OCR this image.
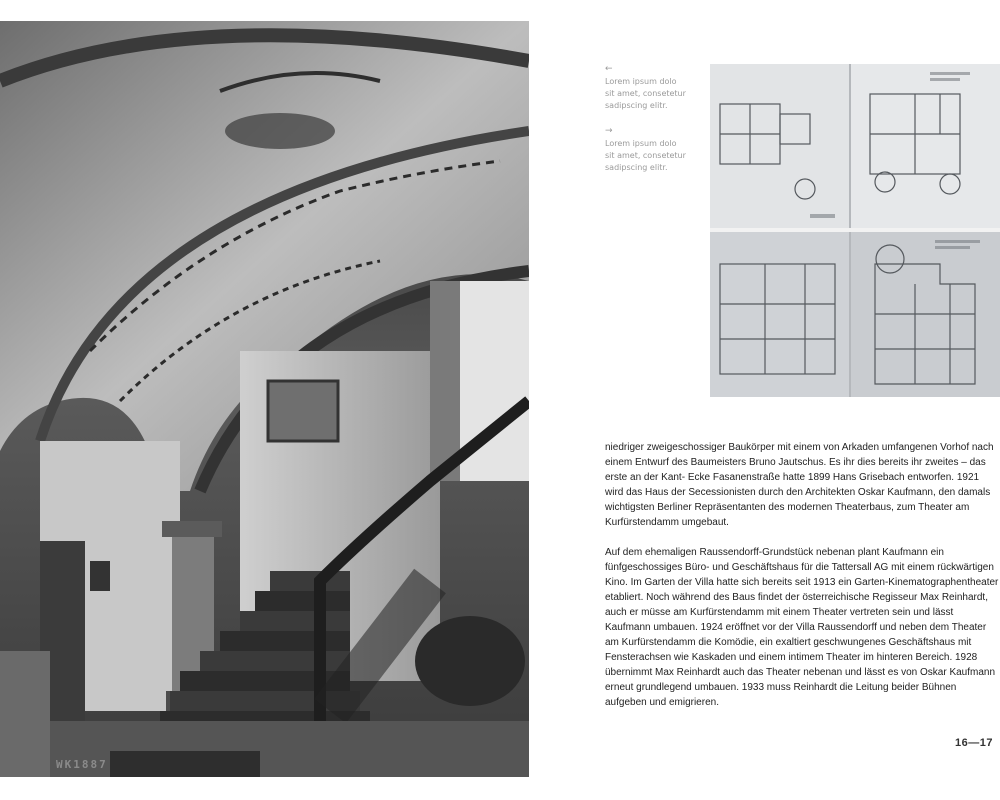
WK1887
←
Lorem ipsum dolo
sit amet, consetetur
sadipscing elitr.
→
Lorem ipsum dolo
sit amet, consetetur
sadipscing elitr.

niedriger zweigeschossiger Baukörper mit einem von Arkaden umfangenen Vorhof nach einem Entwurf des Baumeisters Bruno Jautschus. Es ihr dies bereits ihr zweites – das erste an der Kant- Ecke Fasanenstraße hatte 1899 Hans Grisebach entworfen. 1921 wird das Haus der Secessionisten durch den Architekten Oskar Kaufmann, den damals wichtigsten Berliner Repräsentanten des modernen Theaterbaus, zum Theater am Kurfürstendamm umgebaut.

Auf dem ehemaligen Raussendorff-Grundstück nebenan plant Kaufmann ein fünfgeschossiges Büro- und Geschäftshaus für die Tattersall AG mit einem rückwärtigen Kino. Im Garten der Villa hatte sich bereits seit 1913 ein Garten-Kinematographentheater etabliert. Noch während des Baus findet der österreichische Regisseur Max Reinhardt, auch er müsse am Kurfürstendamm mit einem Theater vertreten sein und lässt Kaufmann umbauen. 1924 eröffnet vor der Villa Raussendorff und neben dem Theater am Kurfürstendamm die Komödie, ein exaltiert geschwungenes Geschäftshaus mit Fensterachsen wie Kaskaden und einem intimem Theater im hinteren Bereich. 1928 übernimmt Max Reinhardt auch das Theater nebenan und lässt es von Oskar Kaufmann erneut grundlegend umbauen. 1933 muss Reinhardt die Leitung beider Bühnen aufgeben und emigrieren.

16—17
